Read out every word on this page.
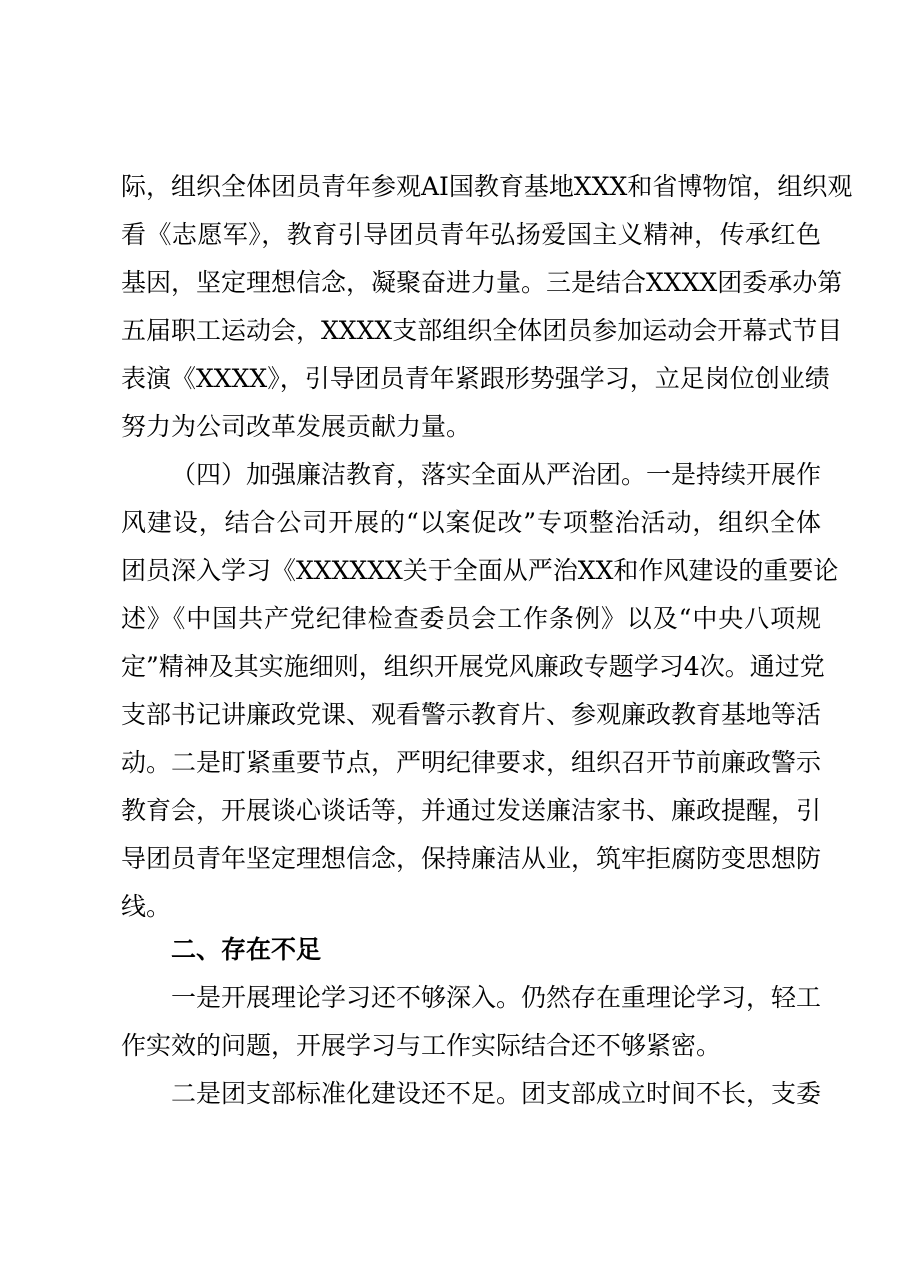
际，组织全体团员青年参观AI国教育基地XXX和省博物馆，组织观
看《志愿军》，教育引导团员青年弘扬爱国主义精神，传承红色
基因，坚定理想信念，凝聚奋进力量。三是结合XXXX团委承办第
五届职工运动会，XXXX支部组织全体团员参加运动会开幕式节目
表演《XXXX》，引导团员青年紧跟形势强学习，立足岗位创业绩
努力为公司改革发展贡献力量。
（四）加强廉洁教育，落实全面从严治团。一是持续开展作
风建设，结合公司开展的“以案促改”专项整治活动，组织全体
团员深入学习《XXXXXX关于全面从严治XX和作风建设的重要论
述》《中国共产党纪律检查委员会工作条例》以及“中央八项规
定”精神及其实施细则，组织开展党风廉政专题学习4次。通过党
支部书记讲廉政党课、观看警示教育片、参观廉政教育基地等活
动。二是盯紧重要节点，严明纪律要求，组织召开节前廉政警示
教育会，开展谈心谈话等，并通过发送廉洁家书、廉政提醒，引
导团员青年坚定理想信念，保持廉洁从业，筑牢拒腐防变思想防
线。
二、存在不足
一是开展理论学习还不够深入。仍然存在重理论学习，轻工
作实效的问题，开展学习与工作实际结合还不够紧密。
二是团支部标准化建设还不足。团支部成立时间不长，支委
